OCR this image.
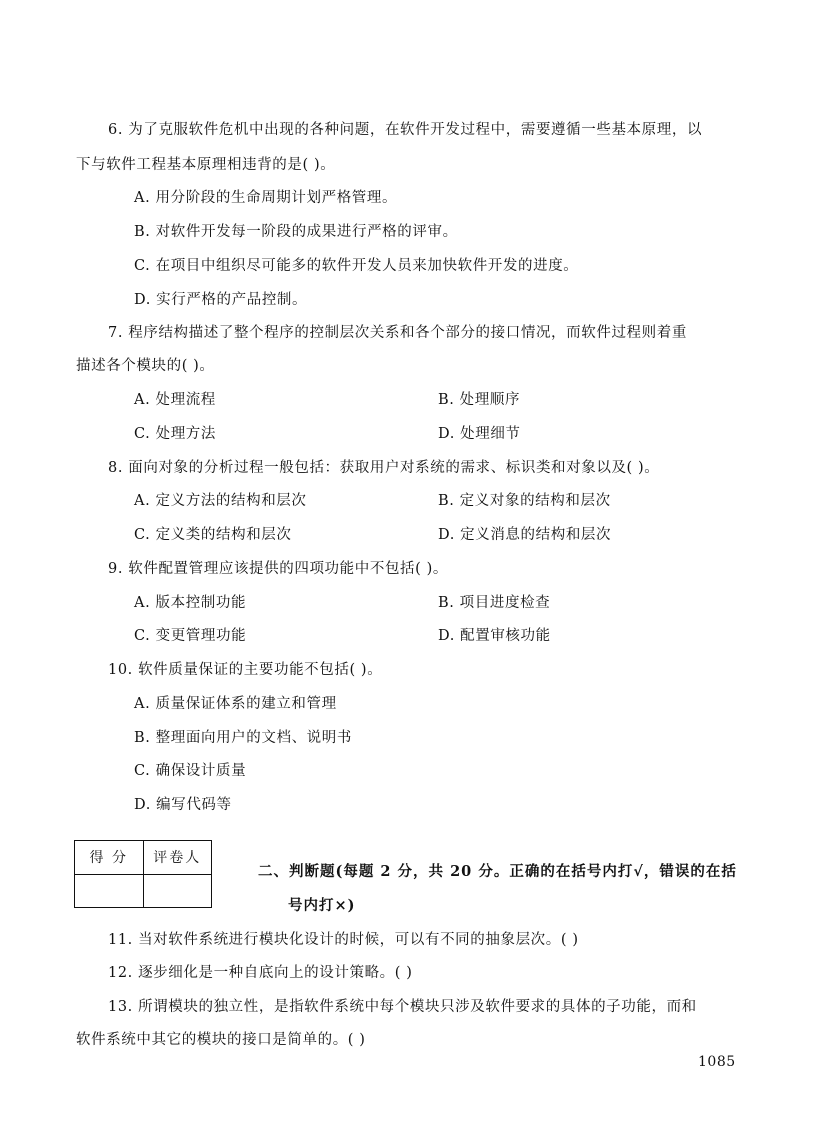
6. 为了克服软件危机中出现的各种问题，在软件开发过程中，需要遵循一些基本原理，以
下与软件工程基本原理相违背的是( )。
A. 用分阶段的生命周期计划严格管理。
B. 对软件开发每一阶段的成果进行严格的评审。
C. 在项目中组织尽可能多的软件开发人员来加快软件开发的进度。
D. 实行严格的产品控制。
7. 程序结构描述了整个程序的控制层次关系和各个部分的接口情况，而软件过程则着重
描述各个模块的( )。
A. 处理流程	B. 处理顺序
C. 处理方法	D. 处理细节
8. 面向对象的分析过程一般包括：获取用户对系统的需求、标识类和对象以及( )。
A. 定义方法的结构和层次	B. 定义对象的结构和层次
C. 定义类的结构和层次	D. 定义消息的结构和层次
9. 软件配置管理应该提供的四项功能中不包括( )。
A. 版本控制功能	B. 项目进度检查
C. 变更管理功能	D. 配置审核功能
10. 软件质量保证的主要功能不包括( )。
A. 质量保证体系的建立和管理
B. 整理面向用户的文档、说明书
C. 确保设计质量
D. 编写代码等
得 分	评卷人

二、判断题(每题 2 分，共 20 分。正确的在括号内打√，错误的在括
号内打×)
11. 当对软件系统进行模块化设计的时候，可以有不同的抽象层次。( )
12. 逐步细化是一种自底向上的设计策略。( )
13. 所谓模块的独立性，是指软件系统中每个模块只涉及软件要求的具体的子功能，而和
软件系统中其它的模块的接口是简单的。( )
1085
